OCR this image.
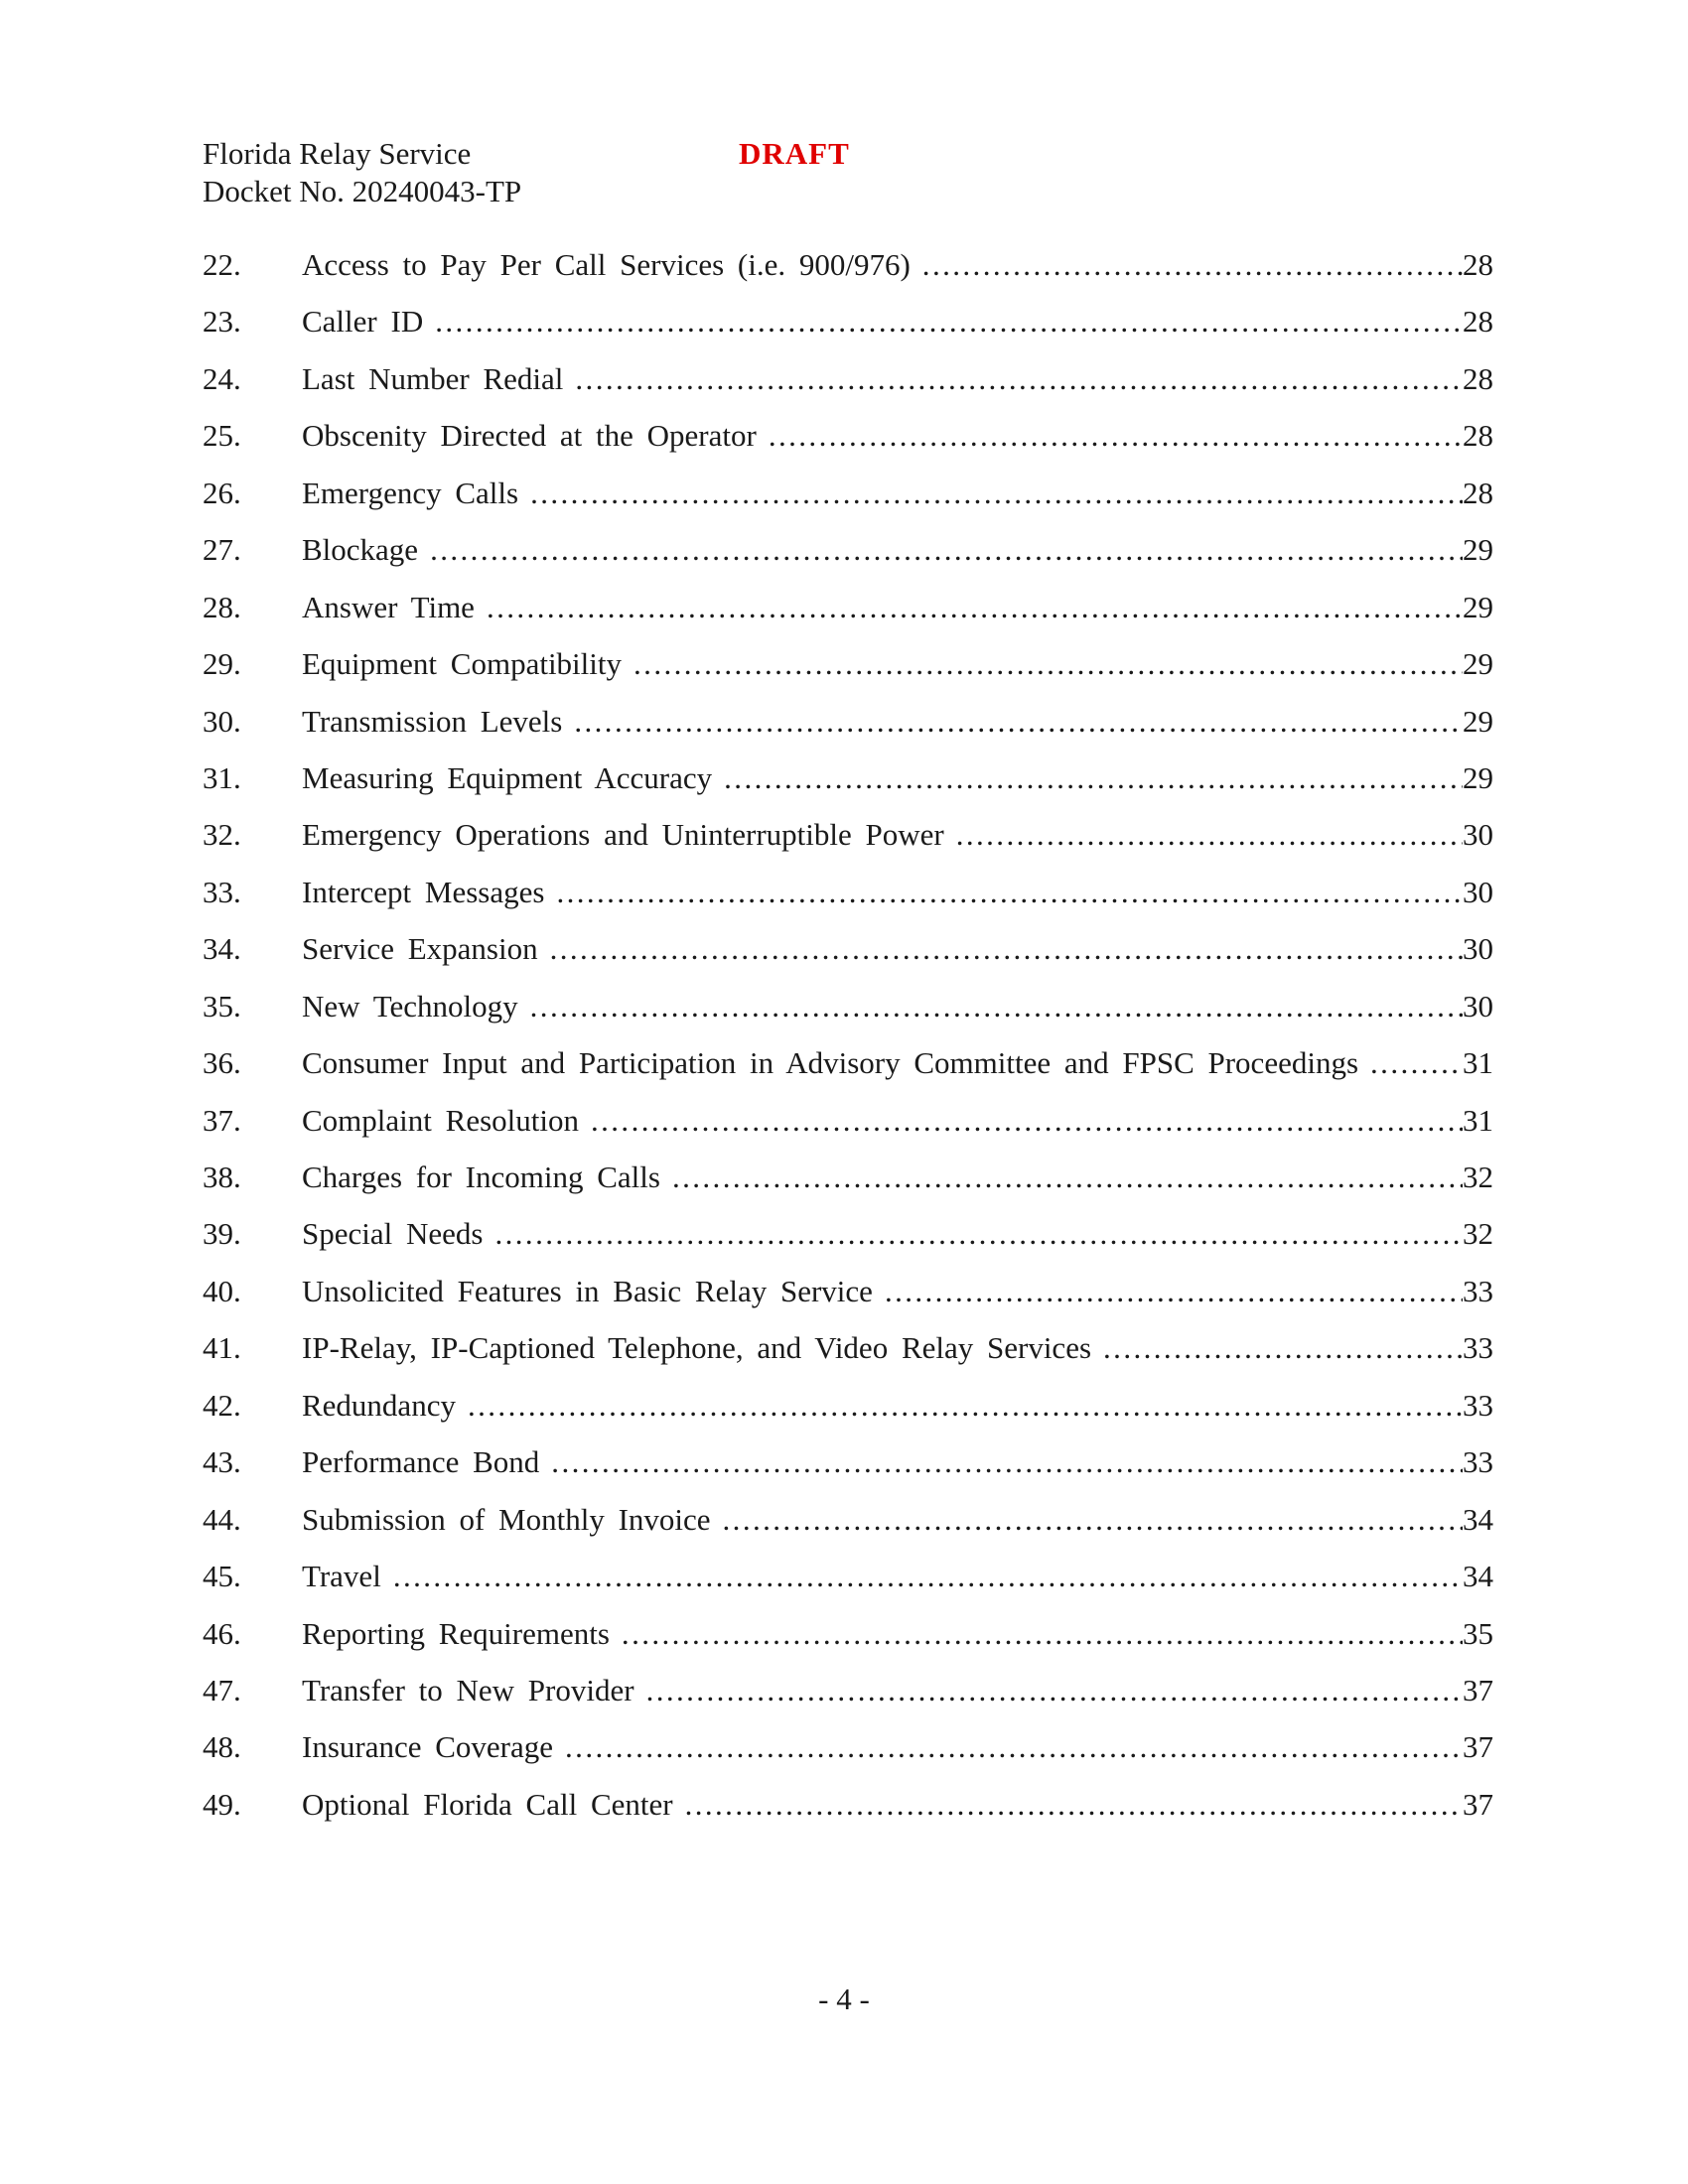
Florida Relay Service
Docket No. 20240043-TP
DRAFT
22.	Access to Pay Per Call Services (i.e. 900/976) .....	28
23.	Caller ID .....	28
24.	Last Number Redial .....	28
25.	Obscenity Directed at the Operator .....	28
26.	Emergency Calls .....	28
27.	Blockage .....	29
28.	Answer Time .....	29
29.	Equipment Compatibility .....	29
30.	Transmission Levels .....	29
31.	Measuring Equipment Accuracy .....	29
32.	Emergency Operations and Uninterruptible Power .....	30
33.	Intercept Messages .....	30
34.	Service Expansion .....	30
35.	New Technology .....	30
36.	Consumer Input and Participation in Advisory Committee and FPSC Proceedings .....	31
37.	Complaint Resolution .....	31
38.	Charges for Incoming Calls .....	32
39.	Special Needs .....	32
40.	Unsolicited Features in Basic Relay Service .....	33
41.	IP-Relay, IP-Captioned Telephone, and Video Relay Services .....	33
42.	Redundancy .....	33
43.	Performance Bond .....	33
44.	Submission of Monthly Invoice .....	34
45.	Travel .....	34
46.	Reporting Requirements .....	35
47.	Transfer to New Provider .....	37
48.	Insurance Coverage .....	37
49.	Optional Florida Call Center .....	37
- 4 -
